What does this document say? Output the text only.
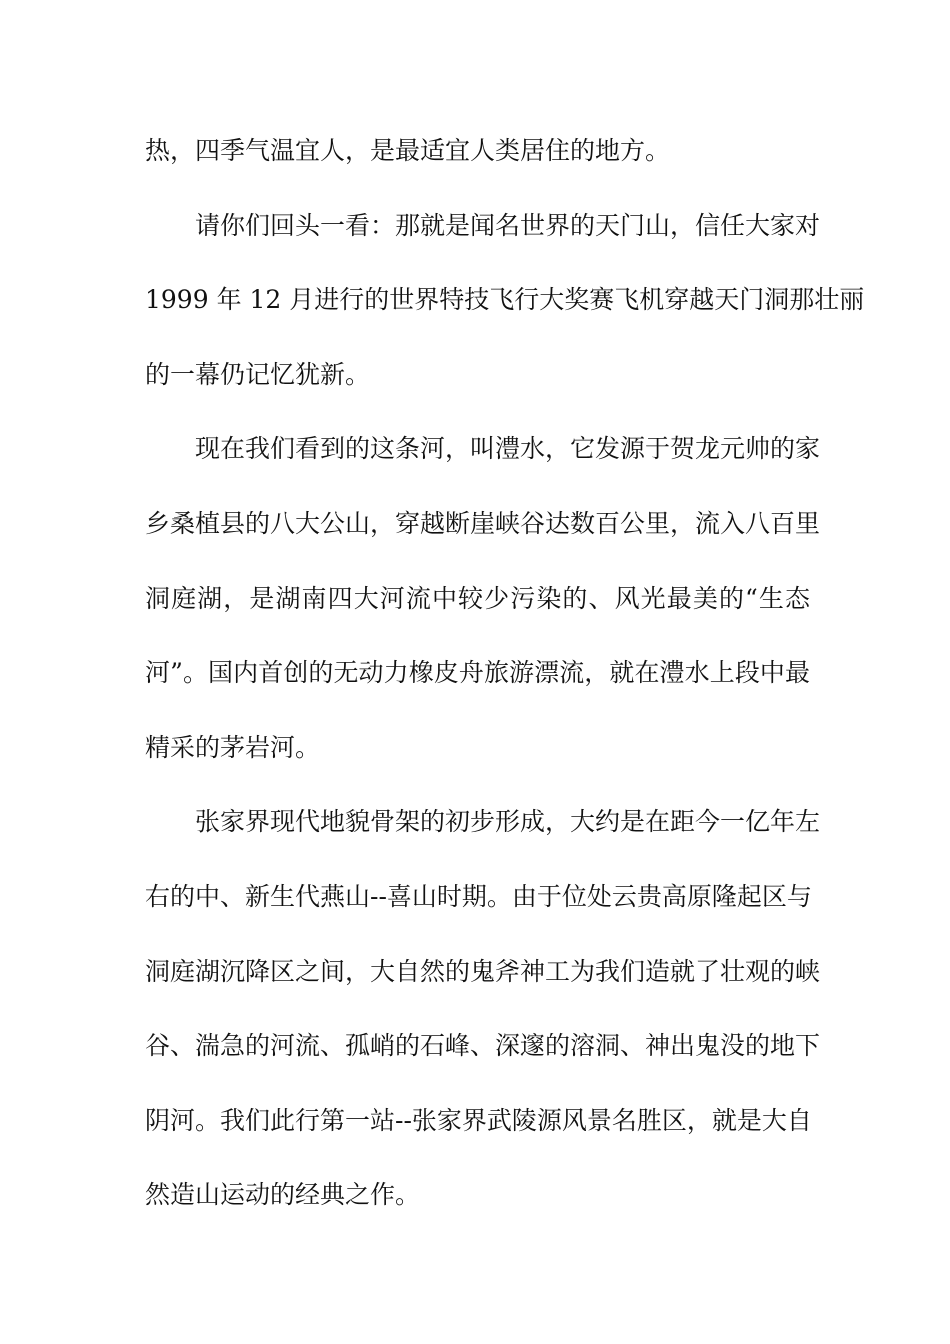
热，四季气温宜人，是最适宜人类居住的地方。
请你们回头一看：那就是闻名世界的天门山，信任大家对
1999 年 12 月进行的世界特技飞行大奖赛飞机穿越天门洞那壮丽
的一幕仍记忆犹新。
现在我们看到的这条河，叫澧水，它发源于贺龙元帅的家
乡桑植县的八大公山，穿越断崖峡谷达数百公里，流入八百里
洞庭湖，是湖南四大河流中较少污染的、风光最美的“生态
河”。国内首创的无动力橡皮舟旅游漂流，就在澧水上段中最
精采的茅岩河。
张家界现代地貌骨架的初步形成，大约是在距今一亿年左
右的中、新生代燕山--喜山时期。由于位处云贵高原隆起区与
洞庭湖沉降区之间，大自然的鬼斧神工为我们造就了壮观的峡
谷、湍急的河流、孤峭的石峰、深邃的溶洞、神出鬼没的地下
阴河。我们此行第一站--张家界武陵源风景名胜区，就是大自
然造山运动的经典之作。
